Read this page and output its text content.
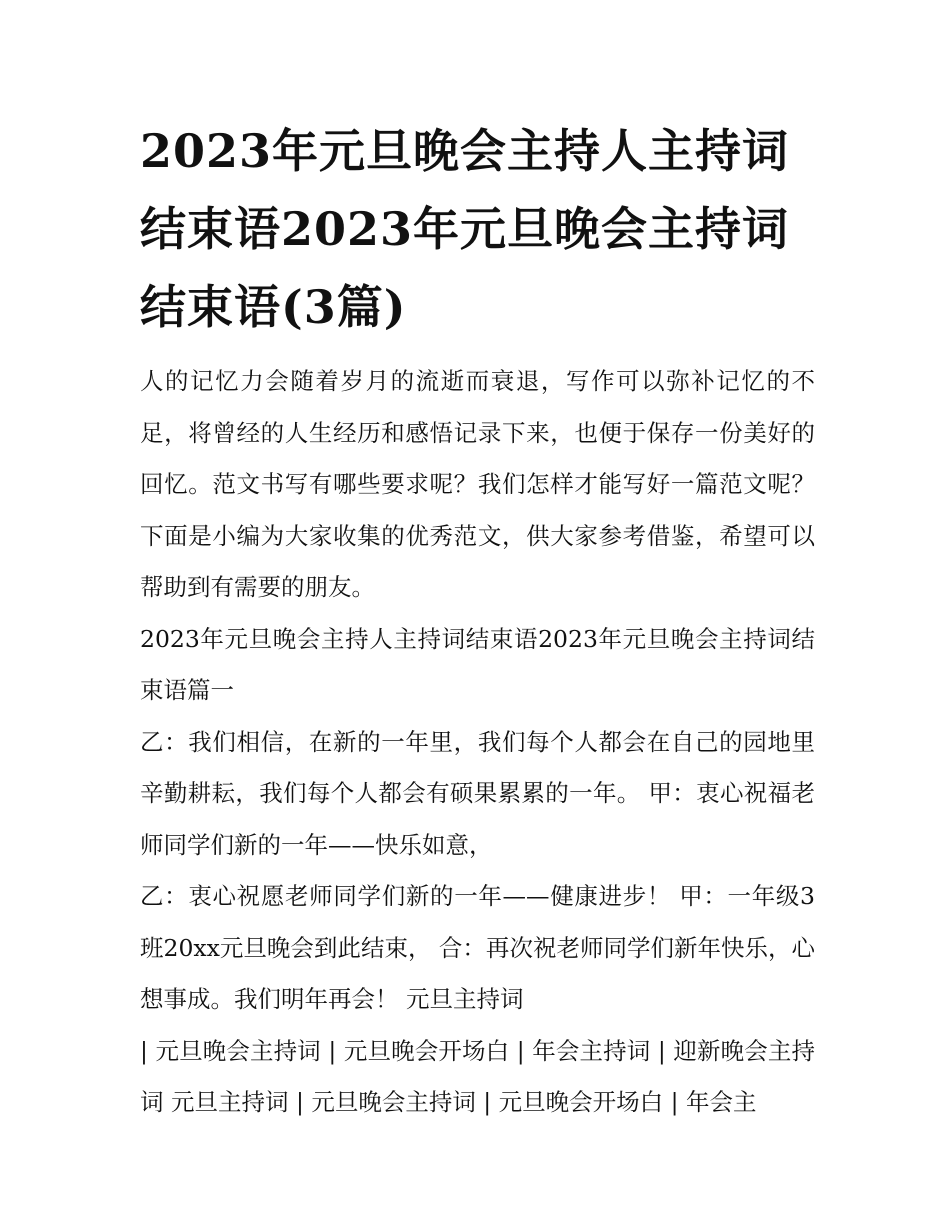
2023年元旦晚会主持人主持词结束语2023年元旦晚会主持词结束语(3篇)

人的记忆力会随着岁月的流逝而衰退，写作可以弥补记忆的不足，将曾经的人生经历和感悟记录下来，也便于保存一份美好的回忆。范文书写有哪些要求呢？我们怎样才能写好一篇范文呢？下面是小编为大家收集的优秀范文，供大家参考借鉴，希望可以帮助到有需要的朋友。

2023年元旦晚会主持人主持词结束语2023年元旦晚会主持词结束语篇一

乙：我们相信，在新的一年里，我们每个人都会在自己的园地里辛勤耕耘，我们每个人都会有硕果累累的一年。 甲：衷心祝福老师同学们新的一年——快乐如意，

乙：衷心祝愿老师同学们新的一年——健康进步！ 甲：一年级3班20xx元旦晚会到此结束， 合：再次祝老师同学们新年快乐，心想事成。我们明年再会！ 元旦主持词

| 元旦晚会主持词 | 元旦晚会开场白 | 年会主持词 | 迎新晚会主持词 元旦主持词 | 元旦晚会主持词 | 元旦晚会开场白 | 年会主
